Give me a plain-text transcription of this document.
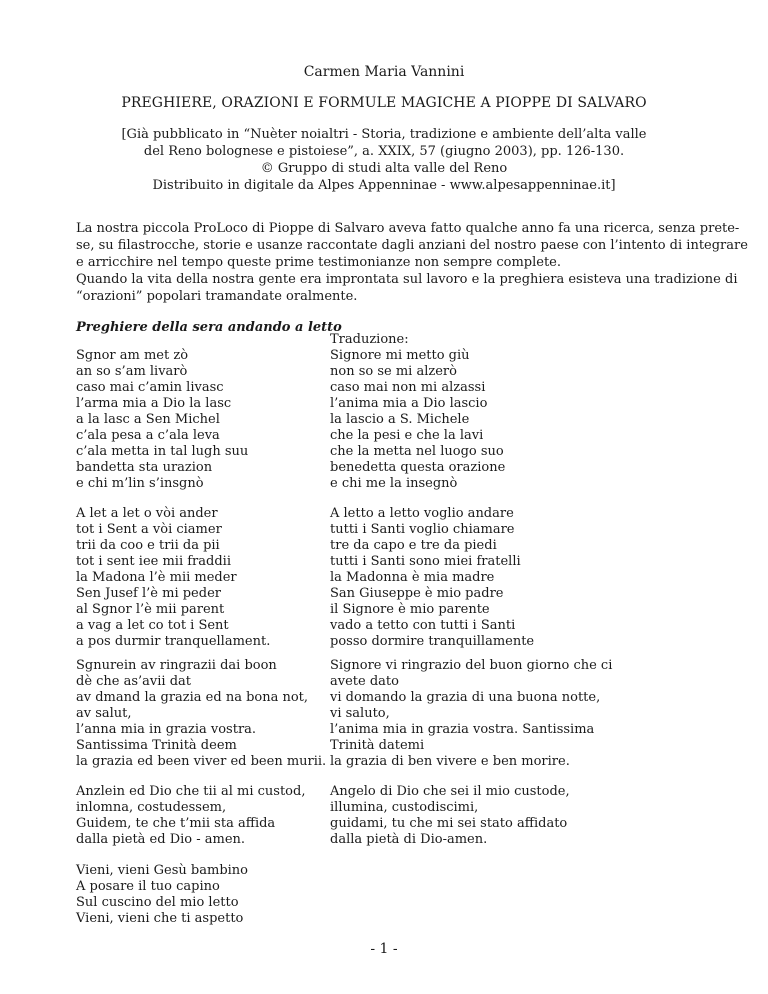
Carmen Maria Vannini
PREGHIERE, ORAZIONI E FORMULE MAGICHE A PIOPPE DI SALVARO
[Già pubblicato in “Nuèter noialtri - Storia, tradizione e ambiente dell’alta valle
del Reno bolognese e pistoiese”, a. XXIX, 57 (giugno 2003), pp. 126-130.
© Gruppo di studi alta valle del Reno
Distribuito in digitale da Alpes Appenninae - www.alpesappenninae.it]
La nostra piccola ProLoco di Pioppe di Salvaro aveva fatto qualche anno fa una ricerca, senza prete-
se, su filastrocche, storie e usanze raccontate dagli anziani del nostro paese con l’intento di integrare
e arricchire nel tempo queste prime testimonianze non sempre complete.
Quando la vita della nostra gente era improntata sul lavoro e la preghiera esisteva una tradizione di
“orazioni” popolari tramandate oralmente.
Preghiere della sera andando a letto
Sgnor am met zò
an so s’am livarò
caso mai c’amin livasc
l’arma mia a Dio la lasc
a la lasc a Sen Michel
c’ala pesa a c’ala leva
c’ala metta in tal lugh suu
bandetta sta urazion
e chi m’lin s’insgnò
Traduzione:
Signore mi metto giù
non so se mi alzerò
caso mai non mi alzassi
l’anima mia a Dio lascio
la lascio a S. Michele
che la pesi e che la lavi
che la metta nel luogo suo
benedetta questa orazione
e chi me la insegnò
A let a let o vòi ander
tot i Sent a vòi ciamer
trii da coo e trii da pii
tot i sent iee mii fraddii
la Madona l’è mii meder
Sen Jusef l’è mi peder
al Sgnor l’è mii parent
a vag a let co tot i Sent
a pos durmir tranquellament.
A letto a letto voglio andare
tutti i Santi voglio chiamare
tre da capo e tre da piedi
tutti i Santi sono miei fratelli
la Madonna è mia madre
San Giuseppe è mio padre
il Signore è mio parente
vado a tetto con tutti i Santi
posso dormire tranquillamente
Sgnurein av ringrazii dai boon
dè che as’avii dat
av dmand la grazia ed na bona not,
av salut,
l’anna mia in grazia vostra.
Santissima Trinità deem
la grazia ed been viver ed been murii.
Signore vi ringrazio del buon giorno che ci
avete dato
vi domando la grazia di una buona notte,
vi saluto,
l’anima mia in grazia vostra. Santissima
Trinità datemi
la grazia di ben vivere e ben morire.
Anzlein ed Dio che tii al mi custod,
inlomna, costudessem,
Guidem, te che t’mii sta affida
dalla pietà ed Dio - amen.
Angelo di Dio che sei il mio custode,
illumina, custodiscimi,
guidami, tu che mi sei stato affidato
dalla pietà di Dio-amen.
Vieni, vieni Gesù bambino
A posare il tuo capino
Sul cuscino del mio letto
Vieni, vieni che ti aspetto
- 1 -
